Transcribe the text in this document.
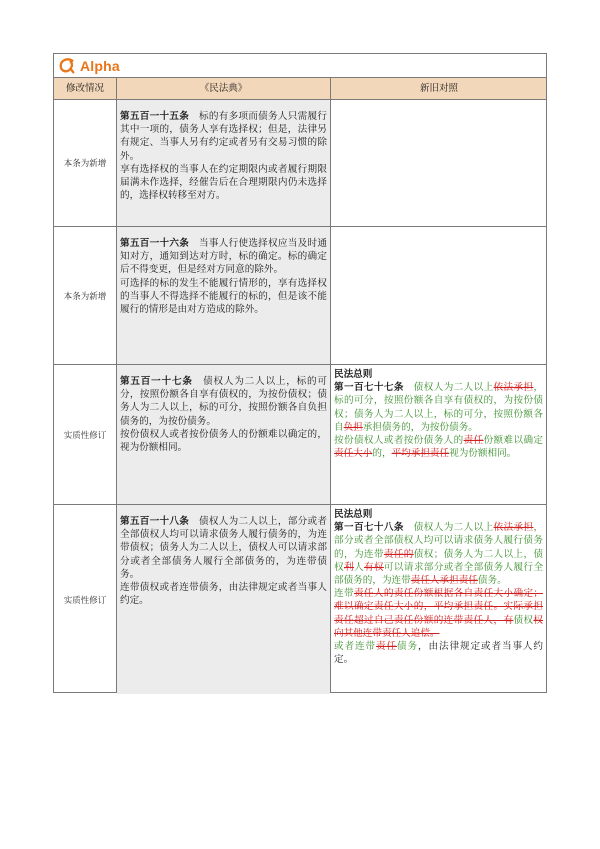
Alpha
修改情况	《民法典》	新旧对照
本条为新增

第五百一十五条　标的有多项而债务人只需履行其中一项的，债务人享有选择权；但是，法律另有规定、当事人另有约定或者另有交易习惯的除外。
享有选择权的当事人在约定期限内或者履行期限届满未作选择，经催告后在合理期限内仍未选择的，选择权转移至对方。

本条为新增

第五百一十六条　当事人行使选择权应当及时通知对方，通知到达对方时，标的确定。标的确定后不得变更，但是经对方同意的除外。
可选择的标的发生不能履行情形的，享有选择权的当事人不得选择不能履行的标的，但是该不能履行的情形是由对方造成的除外。

实质性修订

第五百一十七条　债权人为二人以上，标的可分，按照份额各自享有债权的，为按份债权；债务人为二人以上，标的可分，按照份额各自负担债务的，为按份债务。
按份债权人或者按份债务人的份额难以确定的，视为份额相同。

民法总则

第一百七十七条　 债权人为二人以上依法承担，标的可分，按照份额各自享有债权的，为按份债权；债务人为二人以上，标的可分，按照份额各自负担承担债务的，为按份债务。
按份债权人或者按份债务人的责任份额难以确定责任大小的，平均承担责任视为份额相同。

实质性修订

第五百一十八条　债权人为二人以上，部分或者全部债权人均可以请求债务人履行债务的，为连带债权；债务人为二人以上，债权人可以请求部分或者全部债务人履行全部债务的，为连带债务。
连带债权或者连带债务，由法律规定或者当事人约定。

民法总则

第一百七十八条　 债权人为二人以上依法承担，部分或者全部债权人均可以请求债务人履行债务的，为连带责任的债权；债务人为二人以上，债权利人有权可以请求部分或者全部债务人履行全部债务的，为连带责任人承担责任债务。
连带责任人的责任份额根据各自责任大小确定；难以确定责任大小的，平均承担责任。实际承担责任超过自己责任份额的连带责任人，有债权权向其他连带责任人追偿。
或者连带责任债务，由法律规定或者当事人约定。
